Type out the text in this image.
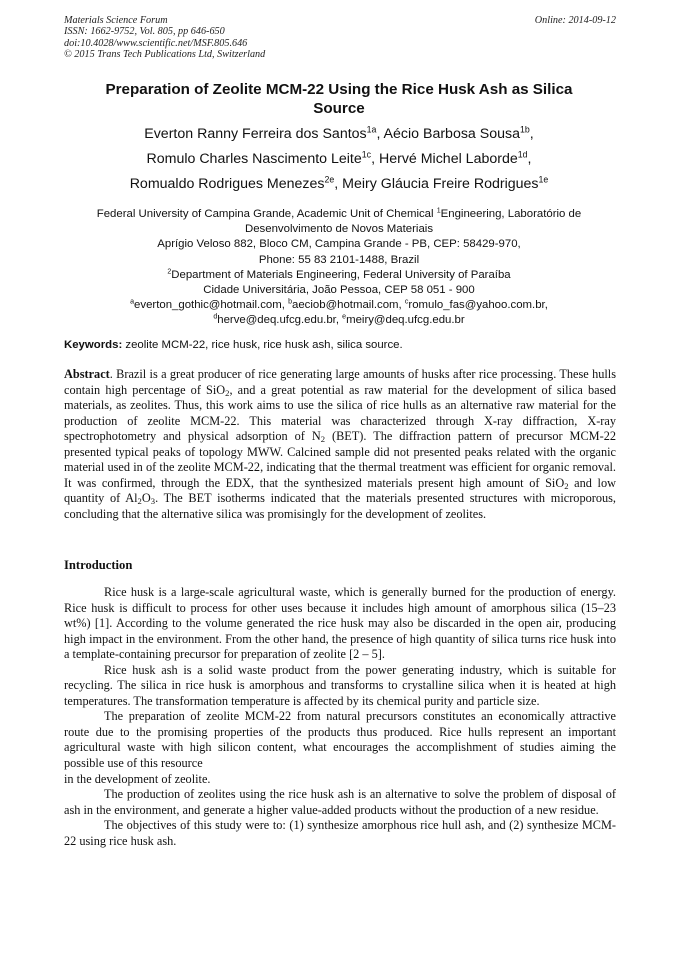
Materials Science Forum
ISSN: 1662-9752, Vol. 805, pp 646-650
doi:10.4028/www.scientific.net/MSF.805.646
© 2015 Trans Tech Publications Ltd, Switzerland
Online: 2014-09-12
Preparation of Zeolite MCM-22 Using the Rice Husk Ash as Silica
Source
Everton Ranny Ferreira dos Santos$^{1a}$, Aécio Barbosa Sousa$^{1b}$,
Romulo Charles Nascimento Leite$^{1c}$, Hervé Michel Laborde$^{1d}$,
Romualdo Rodrigues Menezes$^{2e}$, Meiry Gláucia Freire Rodrigues$^{1e}$
Federal University of Campina Grande, Academic Unit of Chemical $^1$Engineering, Laboratório de
Desenvolvimento de Novos Materiais
Aprígio Veloso 882, Bloco CM, Campina Grande - PB, CEP: 58429-970,
Phone: 55 83 2101-1488, Brazil
$^2$Department of Materials Engineering, Federal University of Paraíba
Cidade Universitária, João Pessoa, CEP 58 051 - 900
$^a$everton_gothic@hotmail.com, $^b$aeciob@hotmail.com, $^c$romulo_fas@yahoo.com.br,
$^d$herve@deq.ufcg.edu.br, $^e$meiry@deq.ufcg.edu.br
Keywords: zeolite MCM-22, rice husk, rice husk ash, silica source.
Abstract. Brazil is a great producer of rice generating large amounts of husks after rice processing. These hulls contain high percentage of SiO$_2$, and a great potential as raw material for the development of silica based materials, as zeolites. Thus, this work aims to use the silica of rice hulls as an alternative raw material for the production of zeolite MCM-22. This material was characterized through X-ray diffraction, X-ray spectrophotometry and physical adsorption of $N_2$ (BET). The diffraction pattern of precursor MCM-22 presented typical peaks of topology MWW. Calcined sample did not presented peaks related with the organic material used in of the zeolite MCM-22, indicating that the thermal treatment was efficient for organic removal. It was confirmed, through the EDX, that the synthesized materials present high amount of SiO$_2$ and low quantity of $Al_2O_3$. The BET isotherms indicated that the materials presented structures with microporous, concluding that the alternative silica was promisingly for the development of zeolites.
Introduction

Rice husk is a large-scale agricultural waste, which is generally burned for the production of energy. Rice husk is difficult to process for other uses because it includes high amount of amorphous silica (15–23 wt%) [1]. According to the volume generated the rice husk may also be discarded in the open air, producing high impact in the environment. From the other hand, the presence of high quantity of silica turns rice husk into a template-containing precursor for preparation of zeolite [2 – 5].

Rice husk ash is a solid waste product from the power generating industry, which is suitable for recycling. The silica in rice husk is amorphous and transforms to crystalline silica when it is heated at high temperatures. The transformation temperature is affected by its chemical purity and particle size.

The preparation of zeolite MCM-22 from natural precursors constitutes an economically attractive route due to the promising properties of the products thus produced. Rice hulls represent an important agricultural waste with high silicon content, what encourages the accomplishment of studies aiming the possible use of this resource

in the development of zeolite.

The production of zeolites using the rice husk ash is an alternative to solve the problem of disposal of ash in the environment, and generate a higher value-added products without the production of a new residue.

The objectives of this study were to: (1) synthesize amorphous rice hull ash, and (2) synthesize MCM-22 using rice husk ash.
